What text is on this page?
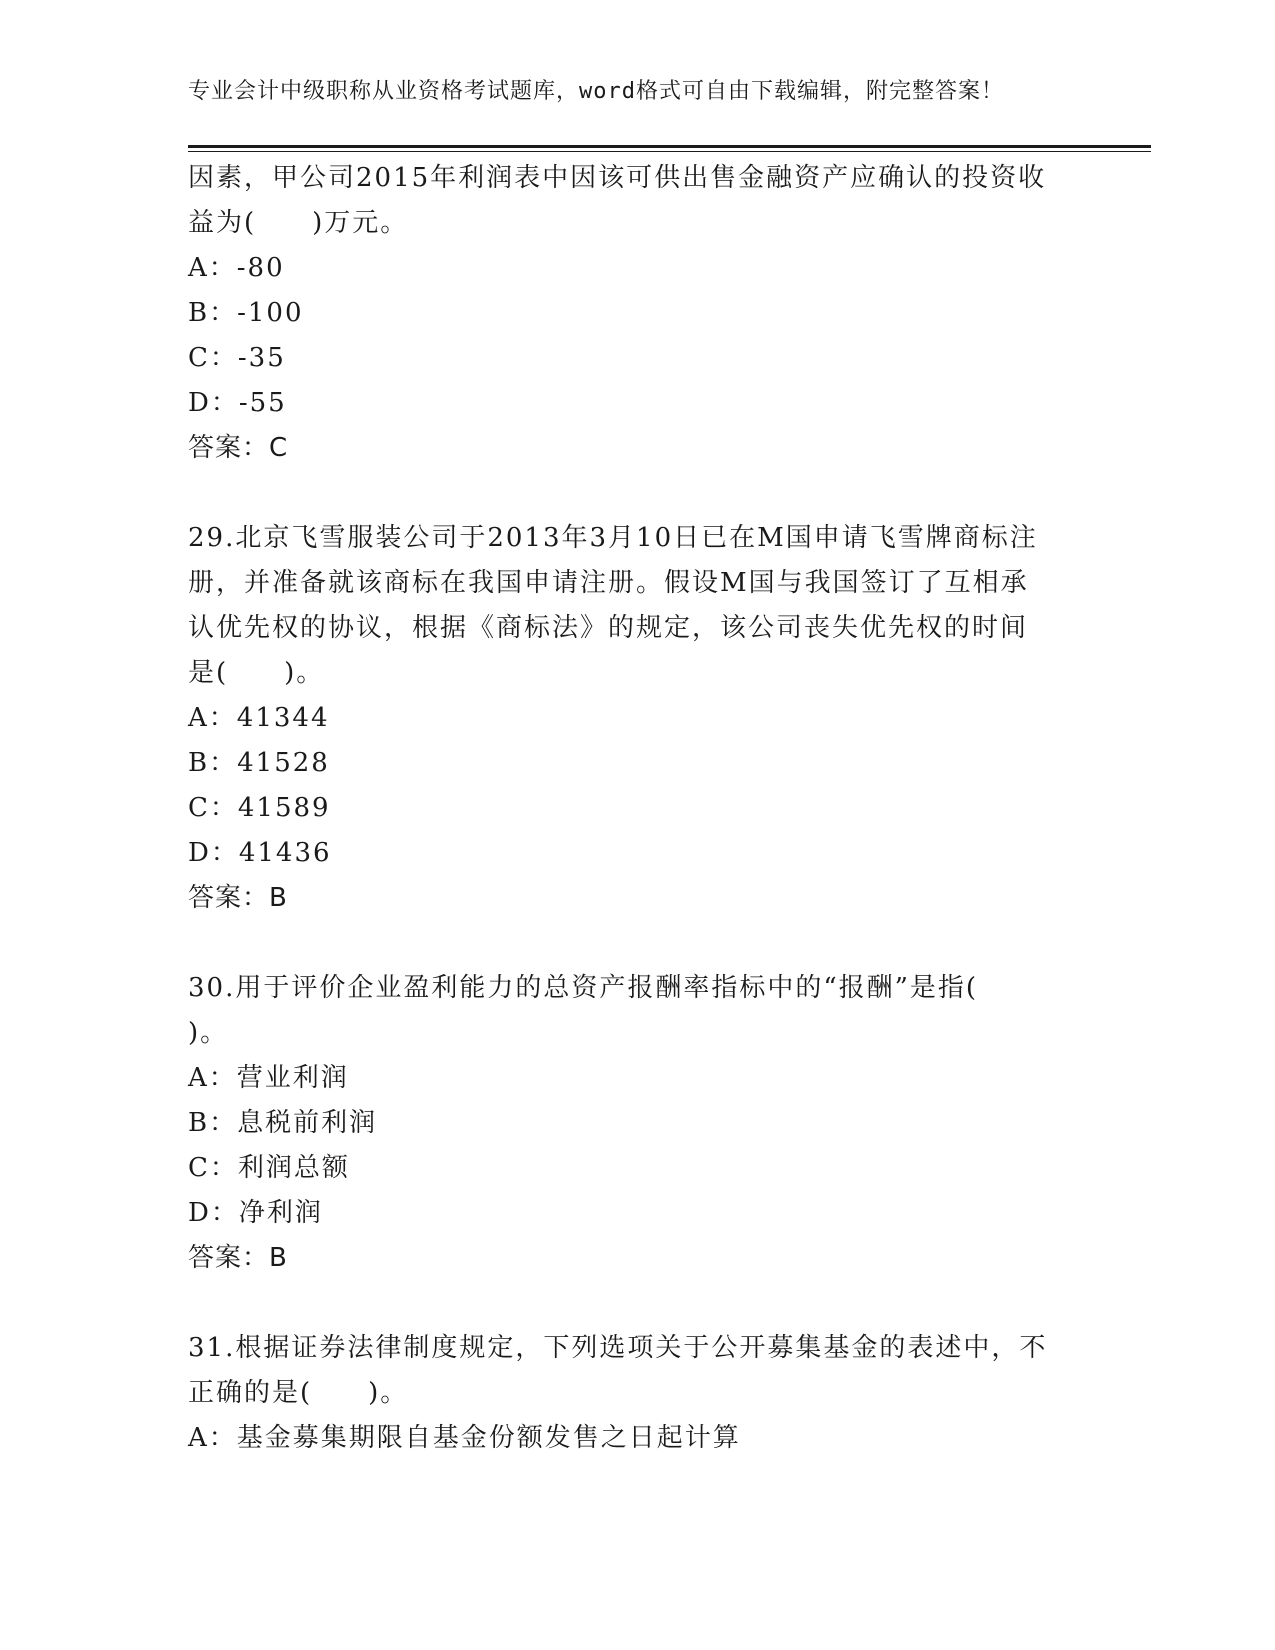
专业会计中级职称从业资格考试题库，word格式可自由下载编辑，附完整答案！
因素，甲公司2015年利润表中因该可供出售金融资产应确认的投资收
益为(　　)万元。
A：-80
B：-100
C：-35
D：-55
答案：C
29.北京飞雪服装公司于2013年3月10日已在M国申请飞雪牌商标注
册，并准备就该商标在我国申请注册。假设M国与我国签订了互相承
认优先权的协议，根据《商标法》的规定，该公司丧失优先权的时间
是(　　)。
A：41344
B：41528
C：41589
D：41436
答案：B
30.用于评价企业盈利能力的总资产报酬率指标中的“报酬”是指(
)。
A：营业利润
B：息税前利润
C：利润总额
D：净利润
答案：B
31.根据证券法律制度规定，下列选项关于公开募集基金的表述中，不
正确的是(　　)。
A：基金募集期限自基金份额发售之日起计算
